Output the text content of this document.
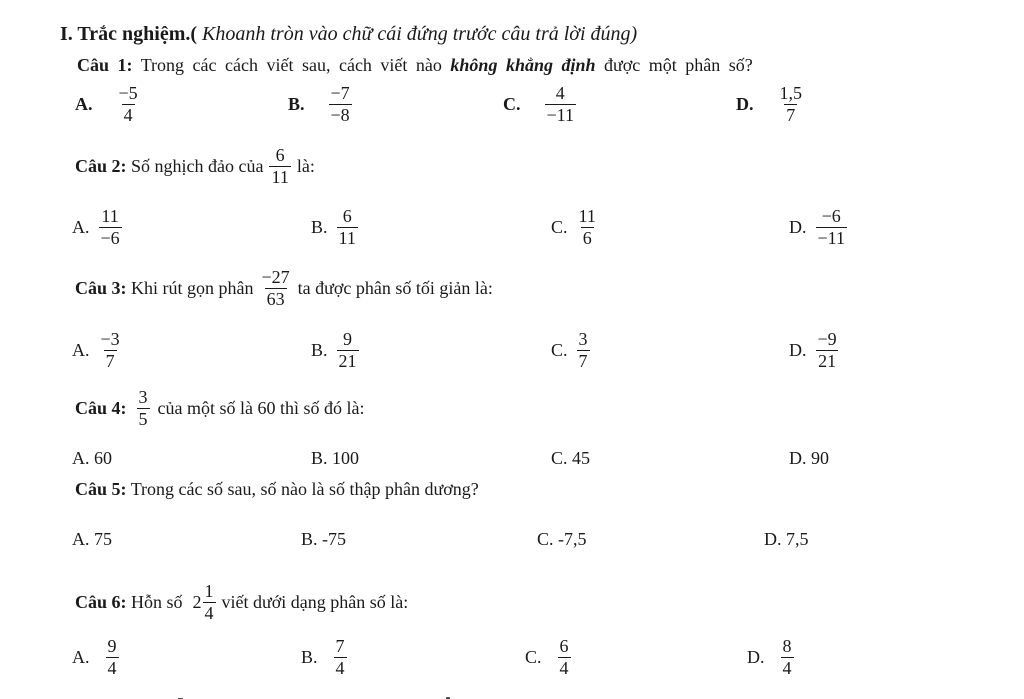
I. Trắc nghiệm.( Khoanh tròn vào chữ cái đứng trước câu trả lời đúng)
Câu 1: Trong các cách viết sau, cách viết nào không khẳng định được một phân số?
A. $\frac{-5}{4}$	B. $\frac{-7}{-8}$	C. $\frac{4}{-11}$	D. $\frac{1,5}{7}$
Câu 2: Số nghịch đảo của $\frac{6}{11}$ là:
A. $\frac{11}{-6}$	B. $\frac{6}{11}$	C. $\frac{11}{6}$	D. $\frac{-6}{-11}$
Câu 3: Khi rút gọn phân $\frac{-27}{63}$ ta được phân số tối giản là:
A. $\frac{-3}{7}$	B. $\frac{9}{21}$	C. $\frac{3}{7}$	D. $\frac{-9}{21}$
Câu 4: $\frac{3}{5}$ của một số là 60 thì số đó là:
A. 60	B. 100	C. 45	D. 90
Câu 5: Trong các số sau, số nào là số thập phân dương?
A. 75	B. -75	C. -7,5	D. 7,5
Câu 6: Hỗn số $2 \frac{1}{4}$ viết dưới dạng phân số là:
A. $\frac{9}{4}$	B. $\frac{7}{4}$	C. $\frac{6}{4}$	D. $\frac{8}{4}$
